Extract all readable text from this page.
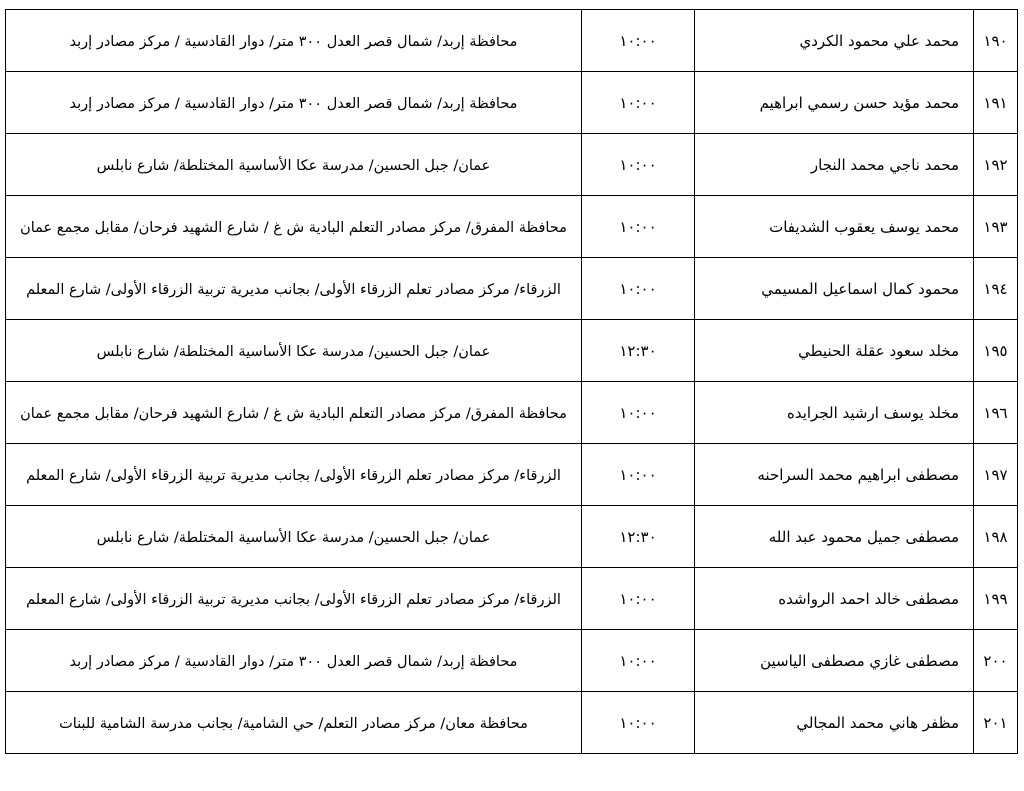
١٩٠	محمد علي محمود الكردي	١٠:٠٠	محافظة إربد/ شمال قصر العدل ٣٠٠ متر/ دوار القادسية / مركز مصادر إربد
١٩١	محمد مؤيد حسن رسمي ابراهيم	١٠:٠٠	محافظة إربد/ شمال قصر العدل ٣٠٠ متر/ دوار القادسية / مركز مصادر إربد
١٩٢	محمد ناجي محمد النجار	١٠:٠٠	عمان/ جبل الحسين/ مدرسة عكا الأساسية المختلطة/ شارع نابلس
١٩٣	محمد يوسف يعقوب الشديفات	١٠:٠٠	محافظة المفرق/ مركز مصادر التعلم البادية ش غ / شارع الشهيد فرحان/ مقابل مجمع عمان
١٩٤	محمود كمال اسماعيل المسيمي	١٠:٠٠	الزرقاء/ مركز مصادر تعلم الزرقاء الأولى/ بجانب مديرية تربية الزرقاء الأولى/ شارع المعلم
١٩٥	مخلد سعود عقلة الحنيطي	١٢:٣٠	عمان/ جبل الحسين/ مدرسة عكا الأساسية المختلطة/ شارع نابلس
١٩٦	مخلد يوسف ارشيد الجرايده	١٠:٠٠	محافظة المفرق/ مركز مصادر التعلم البادية ش غ / شارع الشهيد فرحان/ مقابل مجمع عمان
١٩٧	مصطفى ابراهيم محمد السراحنه	١٠:٠٠	الزرقاء/ مركز مصادر تعلم الزرقاء الأولى/ بجانب مديرية تربية الزرقاء الأولى/ شارع المعلم
١٩٨	مصطفى جميل محمود عبد الله	١٢:٣٠	عمان/ جبل الحسين/ مدرسة عكا الأساسية المختلطة/ شارع نابلس
١٩٩	مصطفى خالد احمد الرواشده	١٠:٠٠	الزرقاء/ مركز مصادر تعلم الزرقاء الأولى/ بجانب مديرية تربية الزرقاء الأولى/ شارع المعلم
٢٠٠	مصطفى غازي مصطفى الياسين	١٠:٠٠	محافظة إربد/ شمال قصر العدل ٣٠٠ متر/ دوار القادسية / مركز مصادر إربد
٢٠١	مظفر هاني محمد المجالي	١٠:٠٠	محافظة معان/ مركز مصادر التعلم/ حي الشامية/ بجانب مدرسة الشامية للبنات
